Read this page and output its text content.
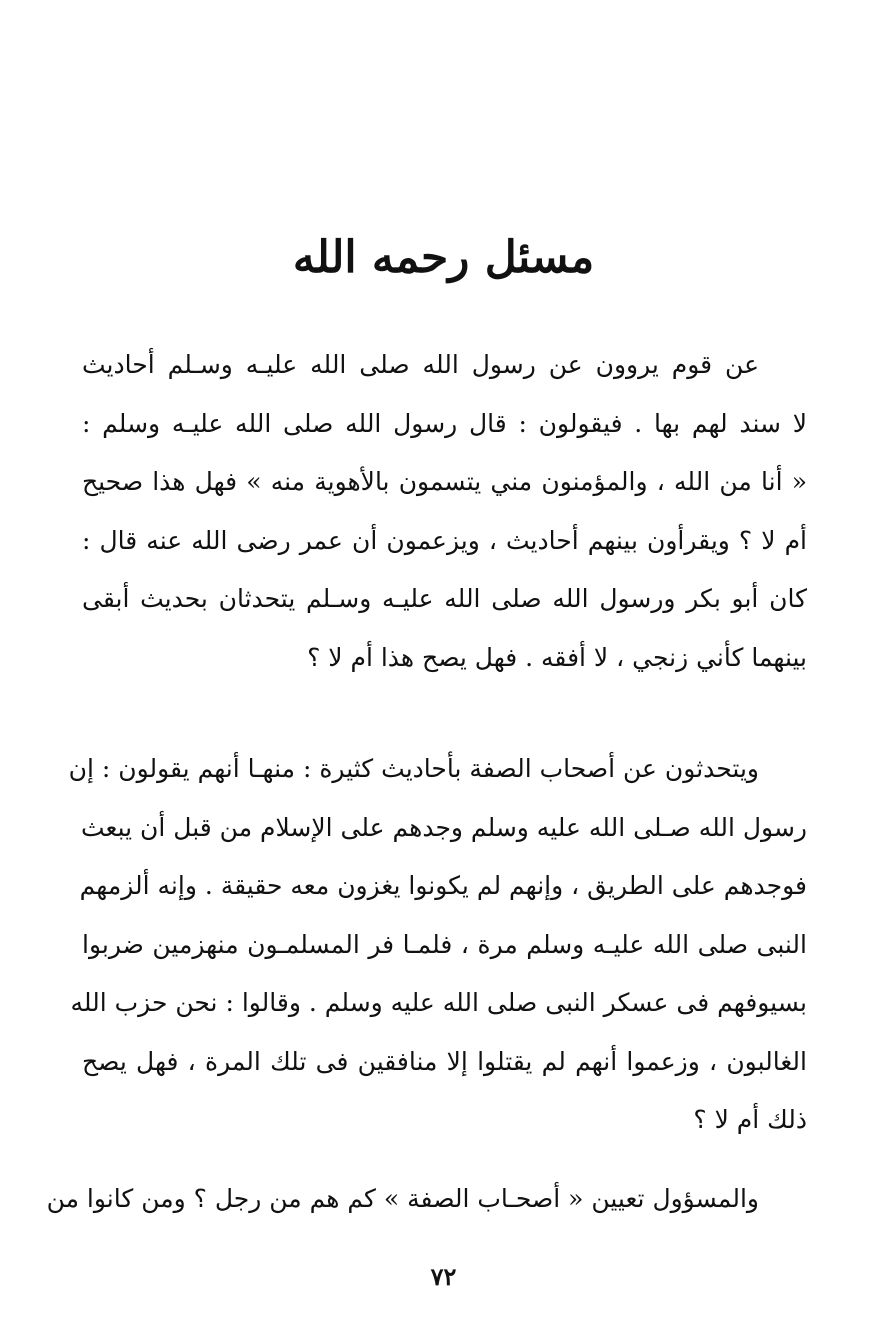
مسئل رحمه الله
عن قوم يروون عن رسول الله صلى الله عليـه وسـلم أحاديث
لا سند لهم بها . فيقولون : قال رسول الله صلى الله عليـه وسلم :
« أنا من الله ، والمؤمنون مني يتسمون بالأهوية منه » فهل هذا صحيح
أم لا ؟ ويقرأون بينهم أحاديث ، ويزعمون أن عمر رضى الله عنه قال :
كان أبو بكر ورسول الله صلى الله عليـه وسـلم يتحدثان بحديث أبقى
بينهما كأني زنجي ، لا أفقه . فهل يصح هذا أم لا ؟
ويتحدثون عن أصحاب الصفة بأحاديث كثيرة : منهـا أنهم يقولون : إن
رسول الله صـلى الله عليه وسلم وجدهم على الإسلام من قبل أن يبعث
فوجدهم على الطريق ، وإنهم لم يكونوا يغزون معه حقيقة . وإنه ألزمهم
النبى صلى الله عليـه وسلم مرة ، فلمـا فر المسلمـون منهزمين ضربوا
بسيوفهم فى عسكر النبى صلى الله عليه وسلم . وقالوا : نحن حزب الله
الغالبون ، وزعموا أنهم لم يقتلوا إلا منافقين فى تلك المرة ، فهل يصح
ذلك أم لا ؟
والمسؤول تعيين « أصحـاب الصفة » كم هم من رجل ؟ ومن كانوا من
٧٢
